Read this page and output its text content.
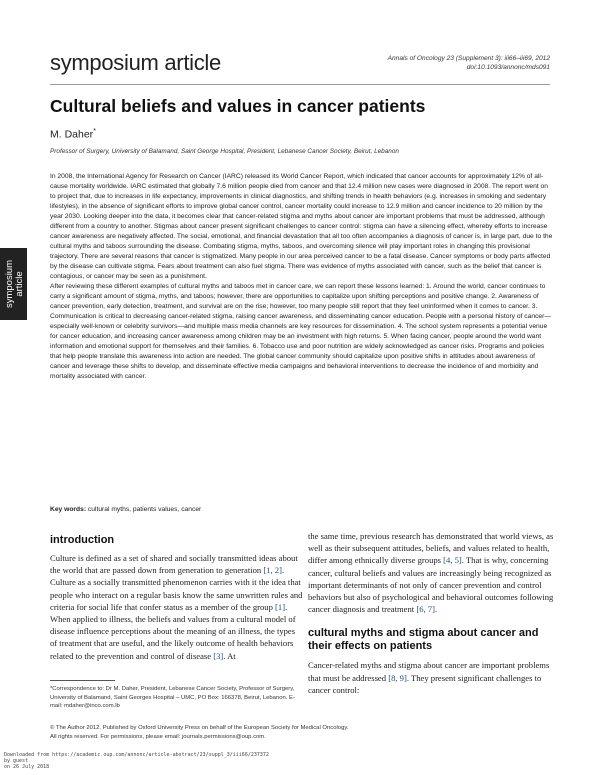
symposium article	Annals of Oncology 23 (Supplement 3): iii66–iii69, 2012
doi:10.1093/annonc/mds091
Cultural beliefs and values in cancer patients
M. Daher*
Professor of Surgery, University of Balamand, Saint George Hospital, President, Lebanese Cancer Society, Beirut, Lebanon
symposium article

In 2008, the International Agency for Research on Cancer (IARC) released its World Cancer Report, which indicated that cancer accounts for approximately 12% of all-cause mortality worldwide. IARC estimated that globally 7.6 million people died from cancer and that 12.4 million new cases were diagnosed in 2008. The report went on to project that, due to increases in life expectancy, improvements in clinical diagnostics, and shifting trends in health behaviors (e.g. increases in smoking and sedentary lifestyles), in the absence of significant efforts to improve global cancer control, cancer mortality could increase to 12.9 million and cancer incidence to 20 million by the year 2030. Looking deeper into the data, it becomes clear that cancer-related stigma and myths about cancer are important problems that must be addressed, although different from a country to another. Stigmas about cancer present significant challenges to cancer control: stigma can have a silencing effect, whereby efforts to increase cancer awareness are negatively affected. The social, emotional, and financial devastation that all too often accompanies a diagnosis of cancer is, in large part, due to the cultural myths and taboos surrounding the disease. Combating stigma, myths, taboos, and overcoming silence will play important roles in changing this provisional trajectory. There are several reasons that cancer is stigmatized. Many people in our area perceived cancer to be a fatal disease. Cancer symptoms or body parts affected by the disease can cultivate stigma. Fears about treatment can also fuel stigma. There was evidence of myths associated with cancer, such as the belief that cancer is contagious, or cancer may be seen as a punishment.

After reviewing these different examples of cultural myths and taboos met in cancer care, we can report these lessons learned: 1. Around the world, cancer continues to carry a significant amount of stigma, myths, and taboos; however, there are opportunities to capitalize upon shifting perceptions and positive change. 2. Awareness of cancer prevention, early detection, treatment, and survival are on the rise; however, too many people still report that they feel uninformed when it comes to cancer. 3. Communication is critical to decreasing cancer-related stigma, raising cancer awareness, and disseminating cancer education. People with a personal history of cancer—especially well-known or celebrity survivors—and multiple mass media channels are key resources for dissemination. 4. The school system represents a potential venue for cancer education, and increasing cancer awareness among children may be an investment with high returns. 5. When facing cancer, people around the world want information and emotional support for themselves and their families. 6. Tobacco use and poor nutrition are widely acknowledged as cancer risks. Programs and policies that help people translate this awareness into action are needed. The global cancer community should capitalize upon positive shifts in attitudes about awareness of cancer and leverage these shifts to develop, and disseminate effective media campaigns and behavioral interventions to decrease the incidence of and morbidity and mortality associated with cancer.

Key words: cultural myths, patients values, cancer
introduction
Culture is defined as a set of shared and socially transmitted ideas about the world that are passed down from generation to generation [1, 2]. Culture as a socially transmitted phenomenon carries with it the idea that people who interact on a regular basis know the same unwritten rules and criteria for social life that confer status as a member of the group [1]. When applied to illness, the beliefs and values from a cultural model of disease influence perceptions about the meaning of an illness, the types of treatment that are useful, and the likely outcome of health behaviors related to the prevention and control of disease [3]. At
the same time, previous research has demonstrated that world views, as well as their subsequent attitudes, beliefs, and values related to health, differ among ethnically diverse groups [4, 5]. That is why, concerning cancer, cultural beliefs and values are increasingly being recognized as important determinants of not only of cancer prevention and control behaviors but also of psychological and behavioral outcomes following cancer diagnosis and treatment [6, 7].
cultural myths and stigma about cancer and their effects on patients
Cancer-related myths and stigma about cancer are important problems that must be addressed [8, 9]. They present significant challenges to cancer control:
*Correspondence to: Dr M. Daher, President, Lebanese Cancer Society, Professor of Surgery, University of Balamand, Saint Georges Hospital – UMC, PO Box: 166378, Beirut, Lebanon. E-mail: mdaher@inco.com.lb
© The Author 2012. Published by Oxford University Press on behalf of the European Society for Medical Oncology.
All rights reserved. For permissions, please email: journals.permissions@oup.com.
Downloaded from https://academic.oup.com/annonc/article-abstract/23/suppl_3/iii66/237372
by guest
on 26 July 2018
